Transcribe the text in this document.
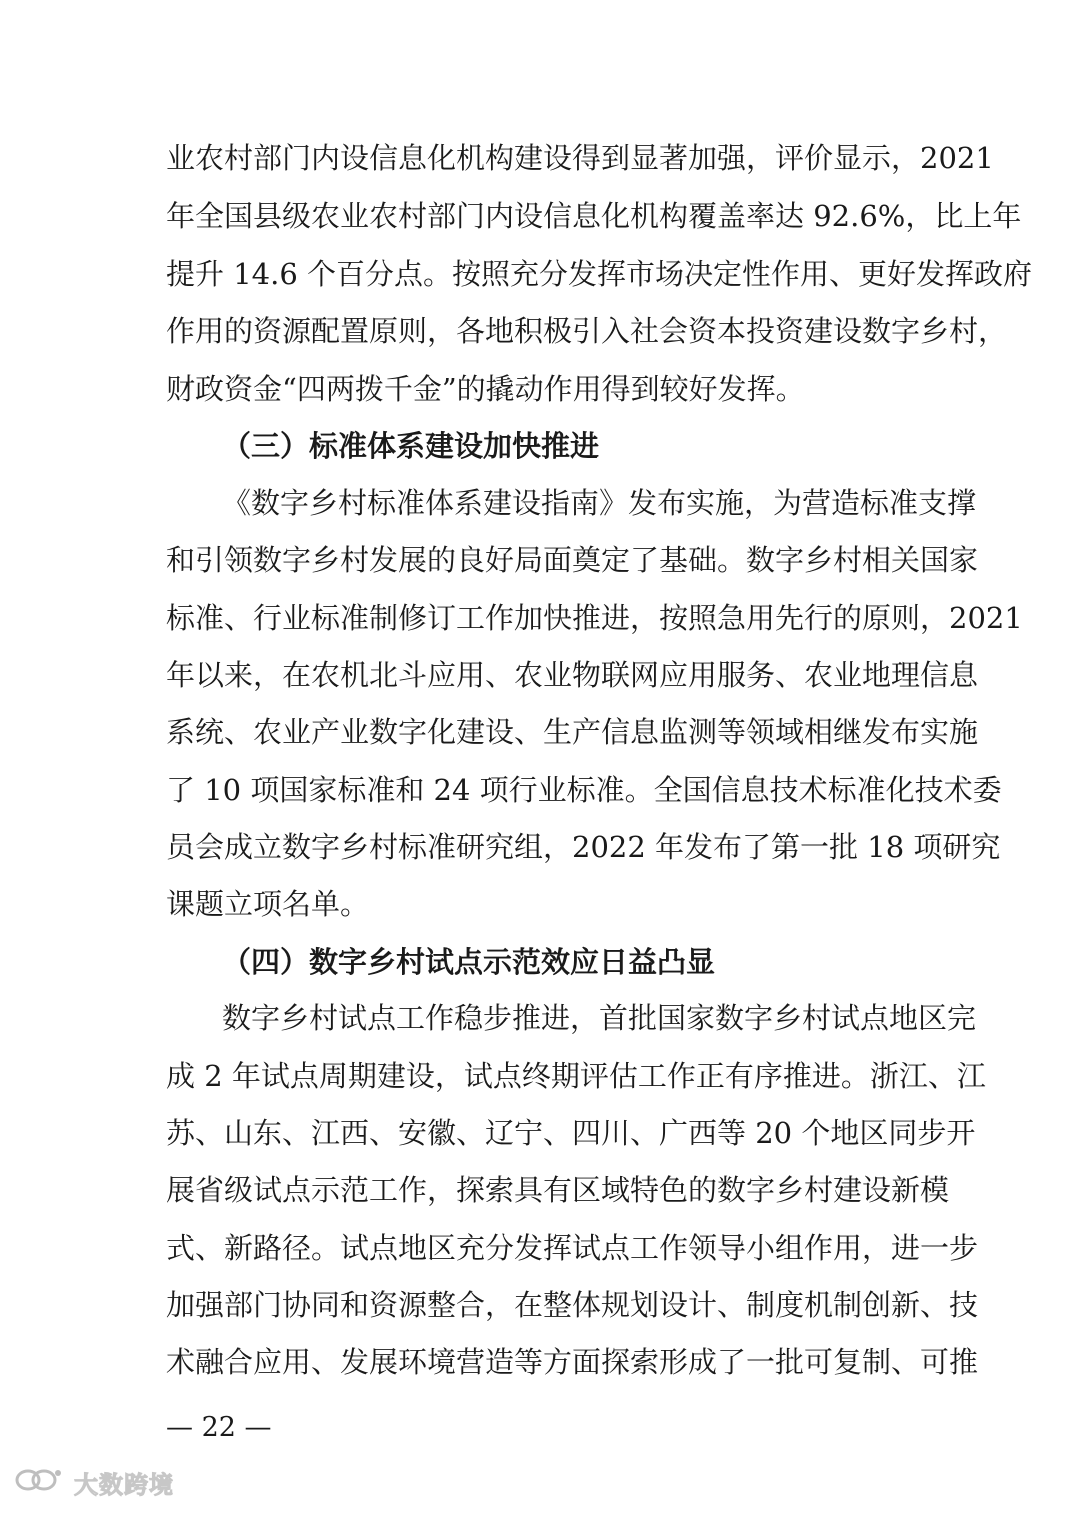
业农村部门内设信息化机构建设得到显著加强，评价显示，2021
年全国县级农业农村部门内设信息化机构覆盖率达 92.6%，比上年
提升 14.6 个百分点。按照充分发挥市场决定性作用、更好发挥政府
作用的资源配置原则，各地积极引入社会资本投资建设数字乡村，
财政资金“四两拨千金”的撬动作用得到较好发挥。
（三）标准体系建设加快推进
《数字乡村标准体系建设指南》发布实施，为营造标准支撑
和引领数字乡村发展的良好局面奠定了基础。数字乡村相关国家
标准、行业标准制修订工作加快推进，按照急用先行的原则，2021
年以来，在农机北斗应用、农业物联网应用服务、农业地理信息
系统、农业产业数字化建设、生产信息监测等领域相继发布实施
了 10 项国家标准和 24 项行业标准。全国信息技术标准化技术委
员会成立数字乡村标准研究组，2022 年发布了第一批 18 项研究
课题立项名单。
（四）数字乡村试点示范效应日益凸显
数字乡村试点工作稳步推进，首批国家数字乡村试点地区完
成 2 年试点周期建设，试点终期评估工作正有序推进。浙江、江
苏、山东、江西、安徽、辽宁、四川、广西等 20 个地区同步开
展省级试点示范工作，探索具有区域特色的数字乡村建设新模
式、新路径。试点地区充分发挥试点工作领导小组作用，进一步
加强部门协同和资源整合，在整体规划设计、制度机制创新、技
术融合应用、发展环境营造等方面探索形成了一批可复制、可推
— 22 —
大数跨境
